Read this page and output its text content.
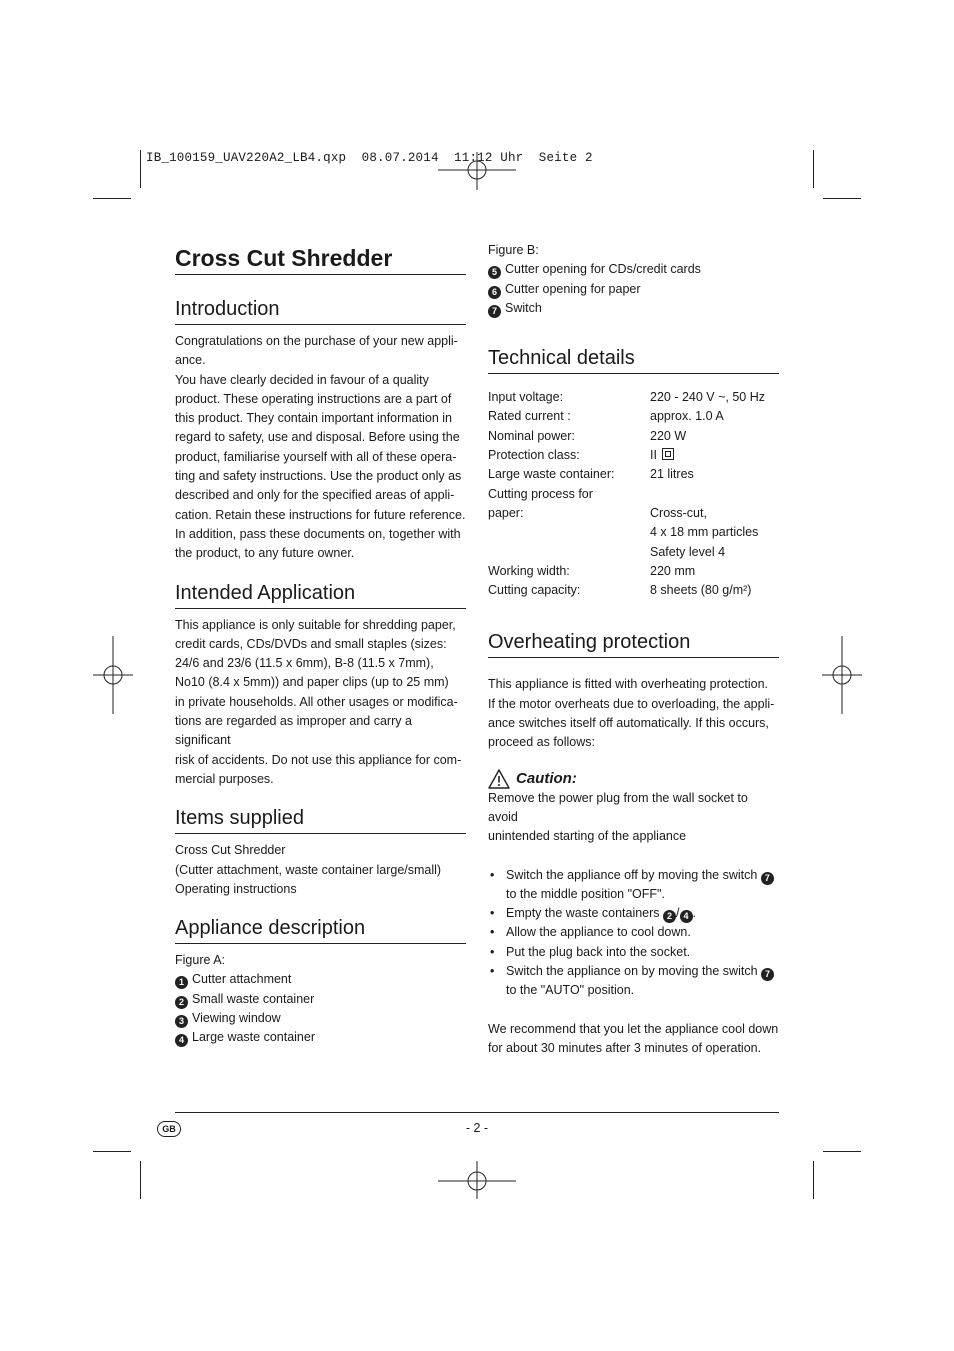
IB_100159_UAV220A2_LB4.qxp  08.07.2014  11:12 Uhr  Seite 2
Cross Cut Shredder
Introduction

Congratulations on the purchase of your new appli-

ance.

You have clearly decided in favour of a quality

product. These operating instructions are a part of

this product. They contain important information in

regard to safety, use and disposal. Before using the

product, familiarise yourself with all of these opera-

ting and safety instructions. Use the product only as

described and only for the specified areas of appli-

cation. Retain these instructions for future reference.

In addition, pass these documents on, together with

the product, to any future owner.

Intended Application

This appliance is only suitable for shredding paper,

credit cards, CDs/DVDs and small staples (sizes:

24/6 and 23/6 (11.5 x 6mm), B-8 (11.5 x 7mm),

No10 (8.4 x 5mm)) and paper clips (up to 25 mm)

in private households. All other usages or modifica-

tions are regarded as improper and carry a significant

risk of accidents. Do not use this appliance for com-

mercial purposes.

Items supplied

Cross Cut Shredder

(Cutter attachment, waste container large/small)

Operating instructions

Appliance description

Figure A:

1 Cutter attachment

2 Small waste container

3 Viewing window

4 Large waste container

Figure B:

5 Cutter opening for CDs/credit cards

6 Cutter opening for paper

7 Switch

Technical details
Input voltage:	220 - 240 V ~, 50 Hz
Rated current :	approx. 1.0 A
Nominal power:	220 W
Protection class:	II
Large waste container:	21 litres
Cutting process for
paper:	Cross-cut,
4 x 18 mm particles
Safety level 4
Working width:	220 mm
Cutting capacity:	8 sheets (80 g/m²)
Overheating protection

This appliance is fitted with overheating protection.

If the motor overheats due to overloading, the appli-

ance switches itself off automatically. If this occurs,

proceed as follows:

Caution:

Remove the power plug from the wall socket to avoid

unintended starting of the appliance

• Switch the appliance off by moving the switch 7
to the middle position "OFF".
• Empty the waste containers 2 / 4 .
• Allow the appliance to cool down.
• Put the plug back into the socket.
• Switch the appliance on by moving the switch 7
to the "AUTO" position.

We recommend that you let the appliance cool down

for about 30 minutes after 3 minutes of operation.

GB	- 2 -
